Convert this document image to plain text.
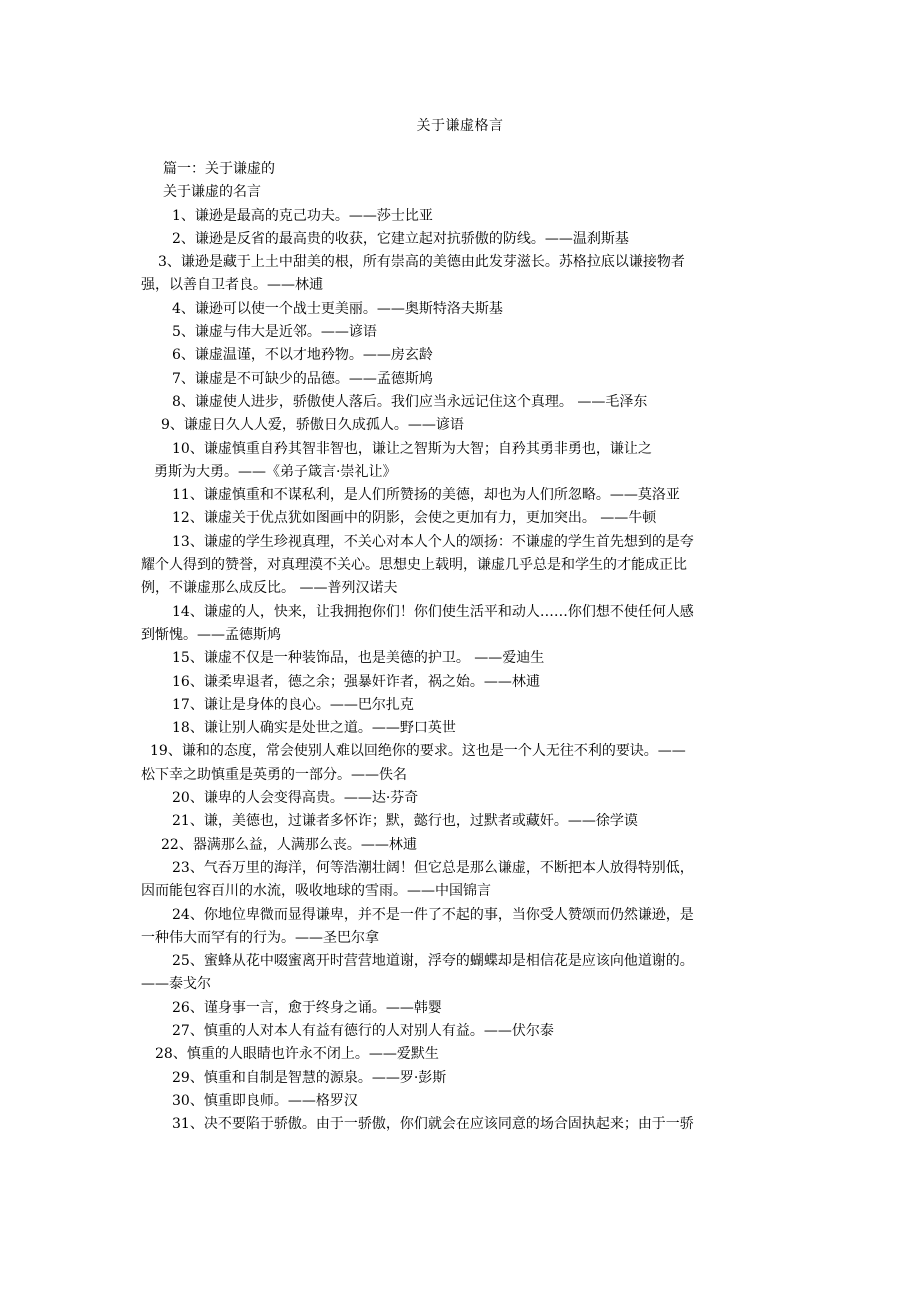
关于谦虚格言

篇一：关于谦虚的

关于谦虚的名言

1、谦逊是最高的克己功夫。——莎士比亚

2、谦逊是反省的最高贵的收获，它建立起对抗骄傲的防线。——温刹斯基

3、谦逊是藏于上土中甜美的根，所有崇高的美德由此发芽滋长。苏格拉底以谦接物者

强，以善自卫者良。——林逋

4、谦逊可以使一个战士更美丽。——奥斯特洛夫斯基

5、谦虚与伟大是近邻。——谚语

6、谦虚温谨，不以才地矜物。——房玄龄

7、谦虚是不可缺少的品德。——孟德斯鸠

8、谦虚使人进步，骄傲使人落后。我们应当永远记住这个真理。 ——毛泽东

9、谦虚日久人人爱，骄傲日久成孤人。——谚语

10、谦虚慎重自矜其智非智也，谦让之智斯为大智；自矜其勇非勇也，谦让之

勇斯为大勇。——《弟子箴言·崇礼让》

11、谦虚慎重和不谋私利，是人们所赞扬的美德，却也为人们所忽略。——莫洛亚

12、谦虚关于优点犹如图画中的阴影，会使之更加有力，更加突出。 ——牛顿

13、谦虚的学生珍视真理，不关心对本人个人的颂扬：不谦虚的学生首先想到的是夸

耀个人得到的赞誉，对真理漠不关心。思想史上载明，谦虚几乎总是和学生的才能成正比

例，不谦虚那么成反比。 ——普列汉诺夫

14、谦虚的人，快来，让我拥抱你们！你们使生活平和动人……你们想不使任何人感

到惭愧。——孟德斯鸠

15、谦虚不仅是一种装饰品，也是美德的护卫。 ——爱迪生

16、谦柔卑退者，德之余；强暴奸诈者，祸之始。——林逋

17、谦让是身体的良心。——巴尔扎克

18、谦让别人确实是处世之道。——野口英世

19、谦和的态度，常会使别人难以回绝你的要求。这也是一个人无往不利的要诀。——

松下幸之助慎重是英勇的一部分。——佚名

20、谦卑的人会变得高贵。——达·芬奇

21、谦，美德也，过谦者多怀诈；默，懿行也，过默者或藏奸。——徐学谟

22、器满那么益，人满那么丧。——林逋

23、气吞万里的海洋，何等浩潮壮阔！但它总是那么谦虚，不断把本人放得特别低，

因而能包容百川的水流，吸收地球的雪雨。——中国锦言

24、你地位卑微而显得谦卑，并不是一件了不起的事，当你受人赞颂而仍然谦逊，是

一种伟大而罕有的行为。——圣巴尔拿

25、蜜蜂从花中啜蜜离开时营营地道谢，浮夸的蝴蝶却是相信花是应该向他道谢的。

——泰戈尔

26、谨身事一言，愈于终身之诵。——韩婴

27、慎重的人对本人有益有德行的人对别人有益。——伏尔泰

28、慎重的人眼睛也许永不闭上。——爱默生

29、慎重和自制是智慧的源泉。——罗·彭斯

30、慎重即良师。——格罗汉

31、决不要陷于骄傲。由于一骄傲，你们就会在应该同意的场合固执起来；由于一骄
